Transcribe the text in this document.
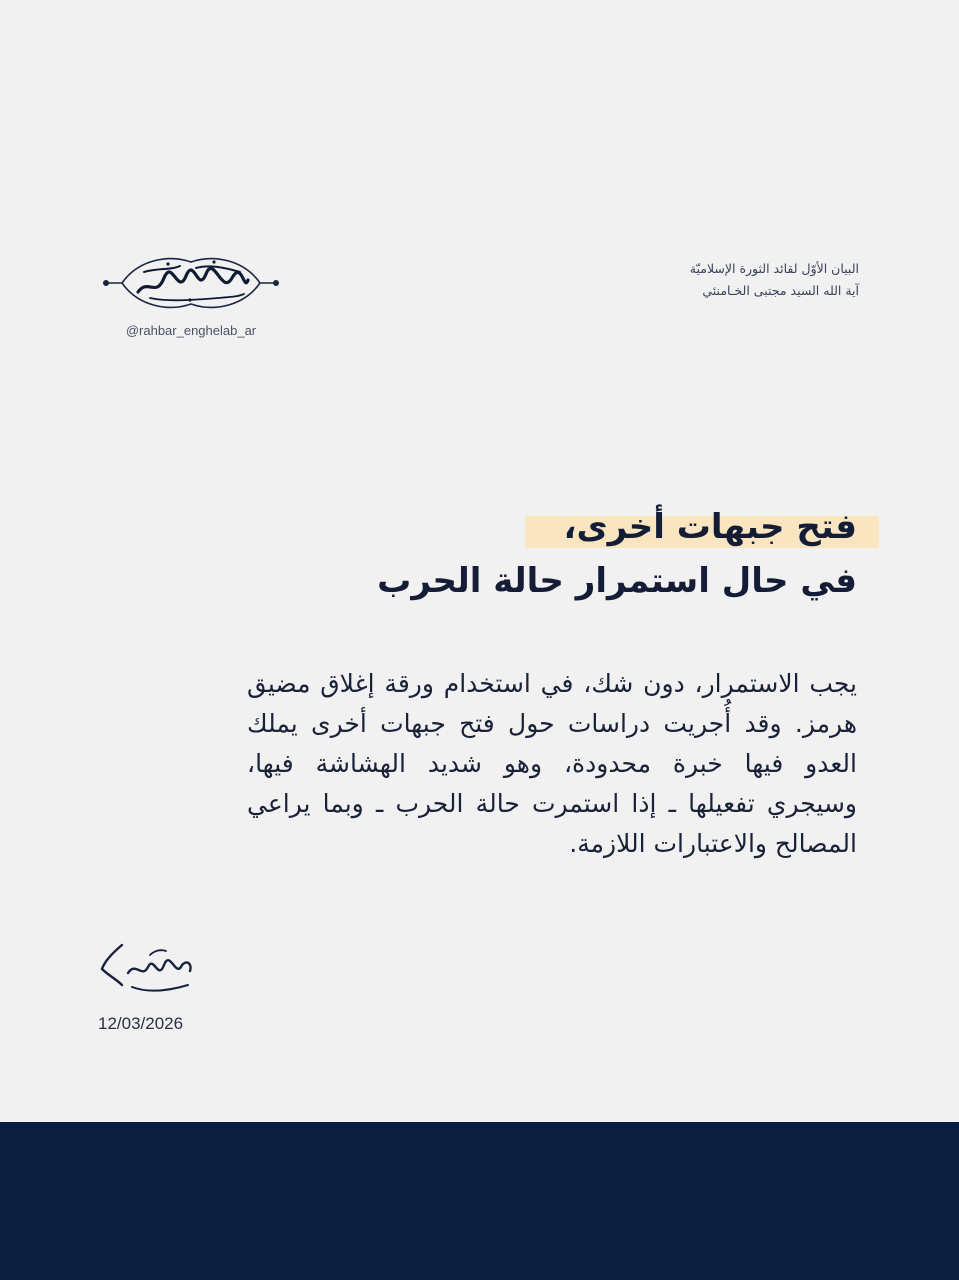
البيان الأوّل لقائد الثورة الإسلاميّة
آية الله السيد مجتبى الخـامنئي
@rahbar_enghelab_ar
فتح جبهات أخرى،
في حال استمرار حالة الحرب
يجب الاستمرار، دون شك، في استخدام ورقة إغلاق مضيق هرمز. وقد أُجريت دراسات حول فتح جبهات أخرى يملك العدو فيها خبرة محدودة، وهو شديد الهشاشة فيها، وسيجري تفعيلها ـ إذا استمرت حالة الحرب ـ وبما يراعي المصالح والاعتبارات اللازمة.
12/03/2026
